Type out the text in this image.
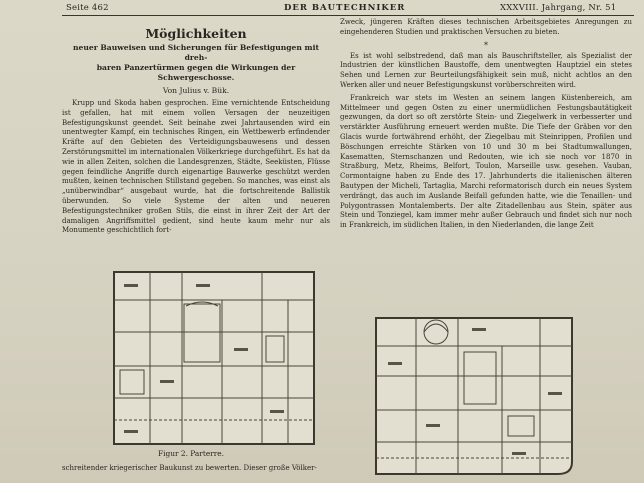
Seite 462	DER BAUTECHNIKER	XXXVIII. Jahrgang, Nr. 51
Möglichkeiten
neuer Bauweisen und Sicherungen für Befestigungen mit dreh-
baren Panzertürmen gegen die Wirkungen der Schwergeschosse.
Von Julius v. Bük.

Krupp und Skoda haben gesprochen. Eine vernichtende Entscheidung ist gefallen, hat mit einem vollen Versagen der neuzeitigen Befestigungskunst geendet. Seit beinahe zwei Jahrtausenden wird ein unentwegter Kampf, ein technisches Ringen, ein Wettbewerb erfindender Kräfte auf den Gebieten des Verteidigungsbauwesens und dessen Zerstörungsmittel im internationalen Völkerkriege durchgeführt. Es hat da wie in allen Zeiten, solchen die Landesgrenzen, Städte, Seeküsten, Flüsse gegen feindliche Angriffe durch eigenartige Bauwerke geschützt werden mußten, keinen technischen Stillstand gegeben. So manches, was einst als „unüberwindbar“ ausgebaut wurde, hat die fortschreitende Ballistik überwunden. So viele Systeme der alten und neueren Befestigungstechniker großen Stils, die einst in ihrer Zeit der Art der damaligen Angriffsmittel gedient, sind heute kaum mehr nur als Monumente geschichtlich fort-

Figur 2. Parterre.
schreitender kriegerischer Baukunst zu bewerten. Dieser große Völker-

Zweck, jüngeren Kräften dieses technischen Arbeitsgebietes Anregungen zu eingehenderen Studien und praktischen Versuchen zu bieten.

*

Es ist wohl selbstredend, daß man als Bauschriftsteller, als Spezialist der Industrien der künstlichen Baustoffe, dem unentwegten Hauptziel ein stetes Sehen und Lernen zur Beurteilungsfähigkeit sein muß, nicht achtlos an den Werken aller und neuer Befestigungskunst vorüberschreiten wird.

Frankreich war stets im Westen an seinem langen Küstenbereich, am Mittelmeer und gegen Osten zu einer unermüdlichen Festungsbautätigkeit gezwungen, da dort so oft zerstörte Stein- und Ziegelwerk in verbesserter und verstärkter Ausführung erneuert werden mußte. Die Tiefe der Gräben vor den Glacis wurde fortwährend erhöht, der Ziegelbau mit Steinrippen, Profilen und Böschungen erreichte Stärken von 10 und 30 m bei Stadtumwallungen, Kasematten, Sternschanzen und Redouten, wie ich sie noch vor 1870 in Straßburg, Metz, Rheims, Belfort, Toulon, Marseille usw. gesehen. Vauban, Cormontaigne haben zu Ende des 17. Jahrhunderts die italienischen älteren Bautypen der Micheli, Tartaglia, Marchi reformatorisch durch ein neues System verdrängt, das auch im Auslande Beifall gefunden hatte, wie die Tenaillen- und Polygontrassen Montalemberts. Der alte Zitadellenbau aus Stein, später aus Stein und Tonziegel, kam immer mehr außer Gebrauch und findet sich nur noch in Frankreich, im südlichen Italien, in den Niederlanden, die lange Zeit
